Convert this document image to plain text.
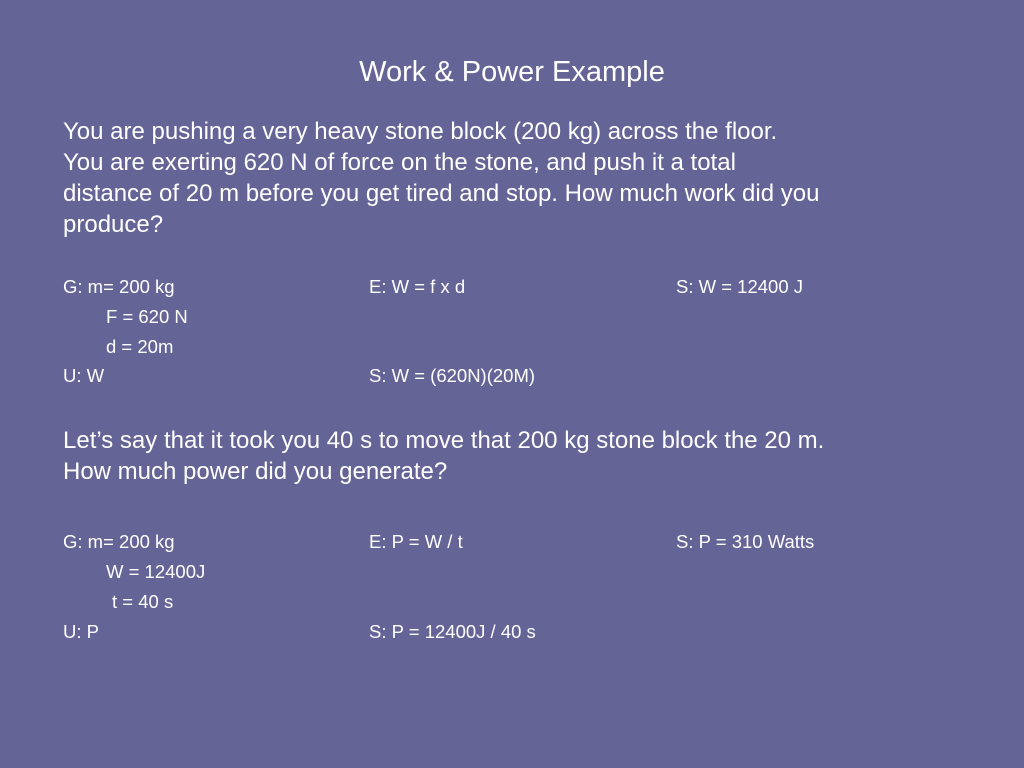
Work & Power Example
You are pushing a very heavy stone block (200 kg) across the floor.
You are exerting 620 N of force on the stone, and push it a total
distance of 20 m before you get tired and stop. How much work did you
produce?
G: m= 200 kg	E: W = f x d	S: W = 12400 J
F = 620 N
d = 20m
U: W	S: W = (620N)(20M)
Let’s say that it took you 40 s to move that 200 kg stone block the 20 m.
How much power did you generate?
G: m= 200 kg	E: P = W / t	S: P = 310 Watts
W = 12400J
t = 40 s
U: P	S: P = 12400J / 40 s
